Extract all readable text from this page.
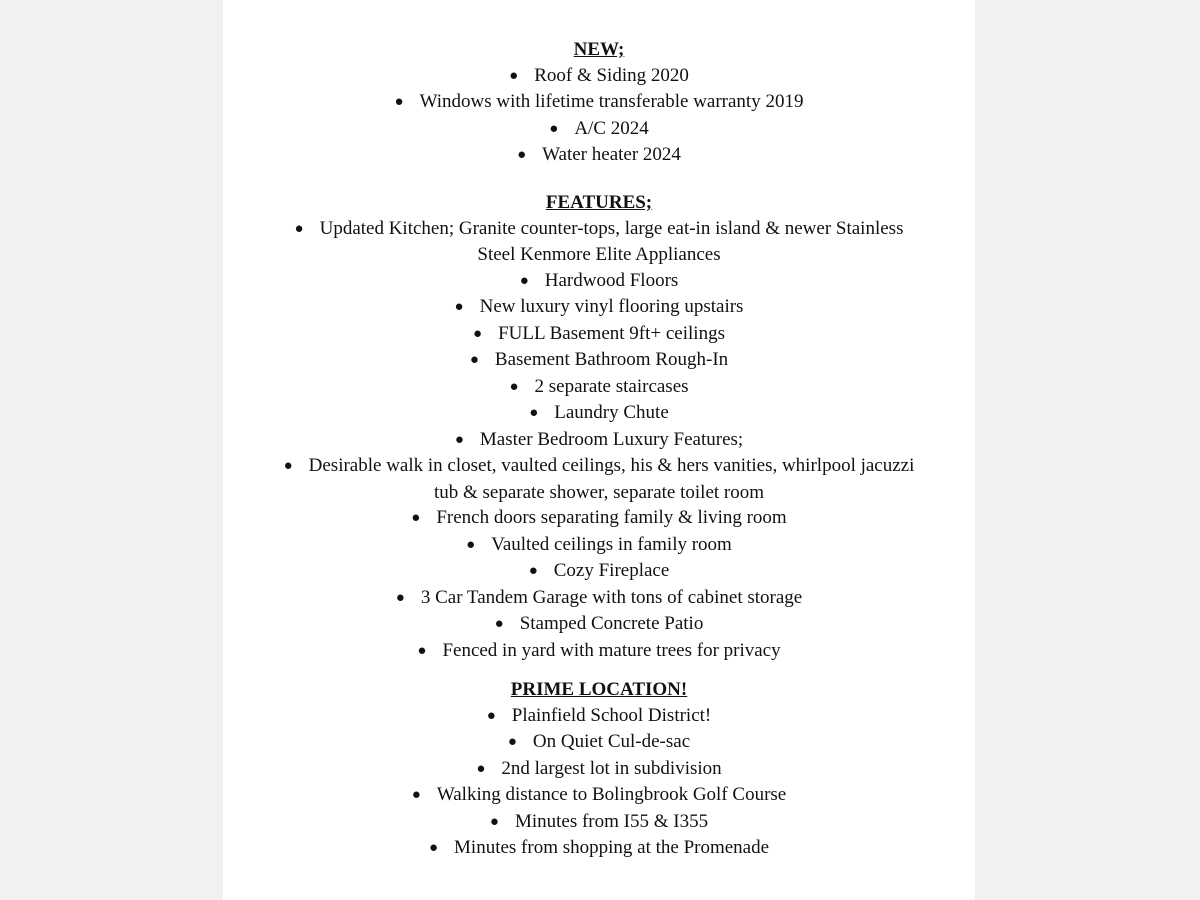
NEW;
● Roof & Siding 2020
● Windows with lifetime transferable warranty 2019
● A/C 2024
● Water heater 2024
FEATURES;
● Updated Kitchen; Granite counter-tops, large eat-in island & newer Stainless
Steel Kenmore Elite Appliances
● Hardwood Floors
● New luxury vinyl flooring upstairs
● FULL Basement 9ft+ ceilings
● Basement Bathroom Rough-In
● 2 separate staircases
● Laundry Chute
● Master Bedroom Luxury Features;
● Desirable walk in closet, vaulted ceilings, his & hers vanities, whirlpool jacuzzi
tub & separate shower, separate toilet room
● French doors separating family & living room
● Vaulted ceilings in family room
● Cozy Fireplace
● 3 Car Tandem Garage with tons of cabinet storage
● Stamped Concrete Patio
● Fenced in yard with mature trees for privacy
PRIME LOCATION!
● Plainfield School District!
● On Quiet Cul-de-sac
● 2nd largest lot in subdivision
● Walking distance to Bolingbrook Golf Course
● Minutes from I55 & I355
● Minutes from shopping at the Promenade
